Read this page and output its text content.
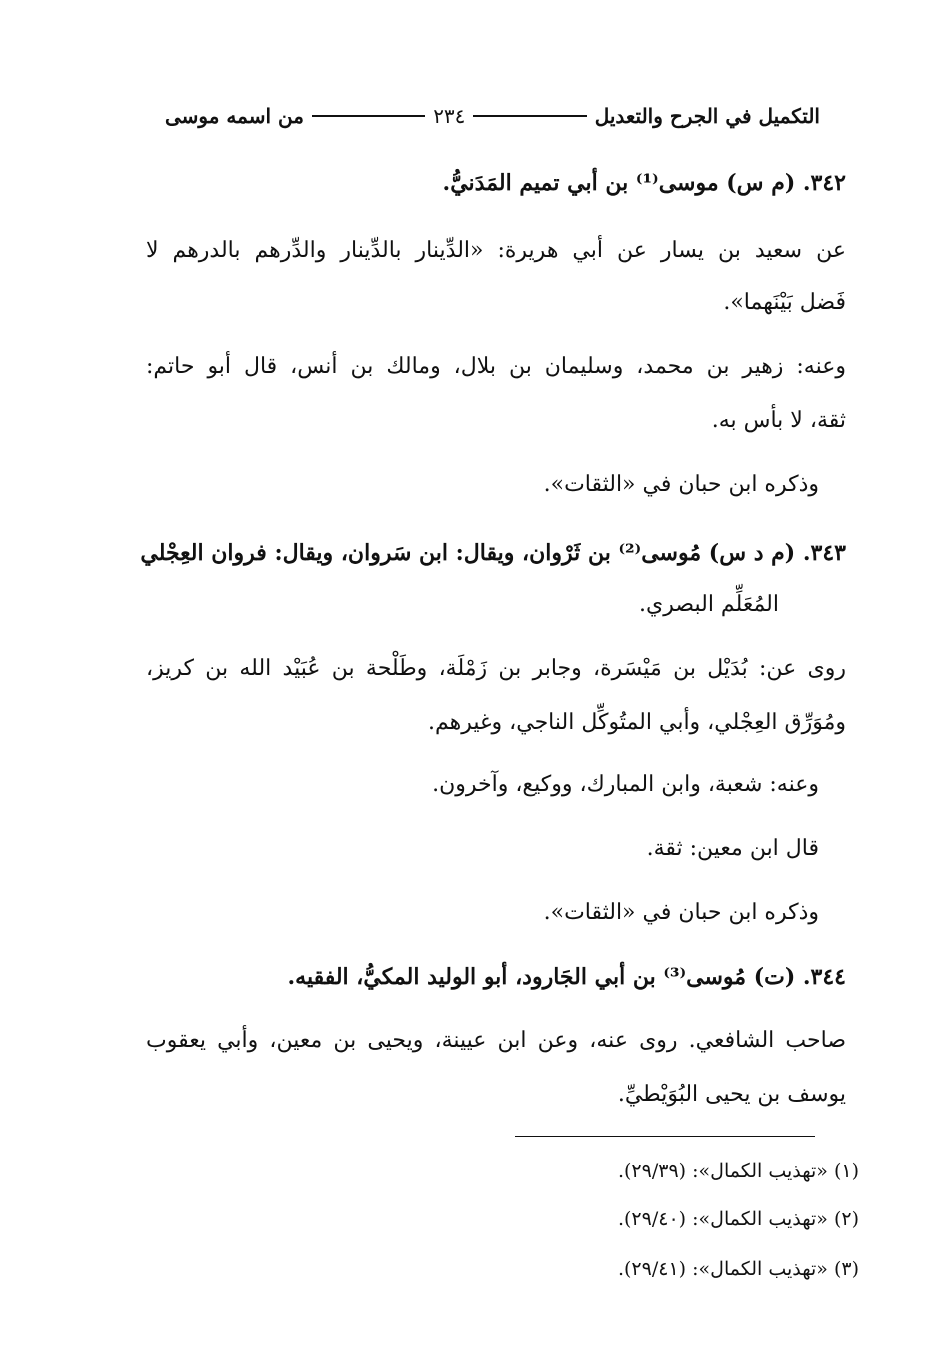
التكميل في الجرح والتعديل
٢٣٤
من اسمه موسى
٣٤٢. (م س) موسى⁽¹⁾ بن أبي تميم المَدَنيُّ.
عن سعيد بن يسار عن أبي هريرة: «الدِّينار بالدِّينار والدِّرهم بالدرهم لا
فَضل بَيْنَهما».
وعنه: زهير بن محمد، وسليمان بن بلال، ومالك بن أنس، قال أبو حاتم:
ثقة، لا بأس به.
وذكره ابن حبان في «الثقات».
٣٤٣. (م د س) مُوسى⁽²⁾ بن ثَرْوان، ويقال: ابن سَروان، ويقال: فروان العِجْلي
المُعَلِّم البصري.
روى عن: بُدَيْل بن مَيْسَرة، وجابر بن زَمْلَة، وطَلْحة بن عُبَيْد الله بن كريز،
ومُوَرِّق العِجْلي، وأبي المتُوكِّل الناجي، وغيرهم.
وعنه: شعبة، وابن المبارك، ووكيع، وآخرون.
قال ابن معين: ثقة.
وذكره ابن حبان في «الثقات».
٣٤٤. (ت) مُوسى⁽³⁾ بن أبي الجَارود، أبو الوليد المكيُّ، الفقيه.
صاحب الشافعي. روى عنه، وعن ابن عيينة، ويحيى بن معين، وأبي يعقوب
يوسف بن يحيى البُوَيْطيِّ.
(١) «تهذيب الكمال»: (٢٩/٣٩).
(٢) «تهذيب الكمال»: (٢٩/٤٠).
(٣) «تهذيب الكمال»: (٢٩/٤١).
